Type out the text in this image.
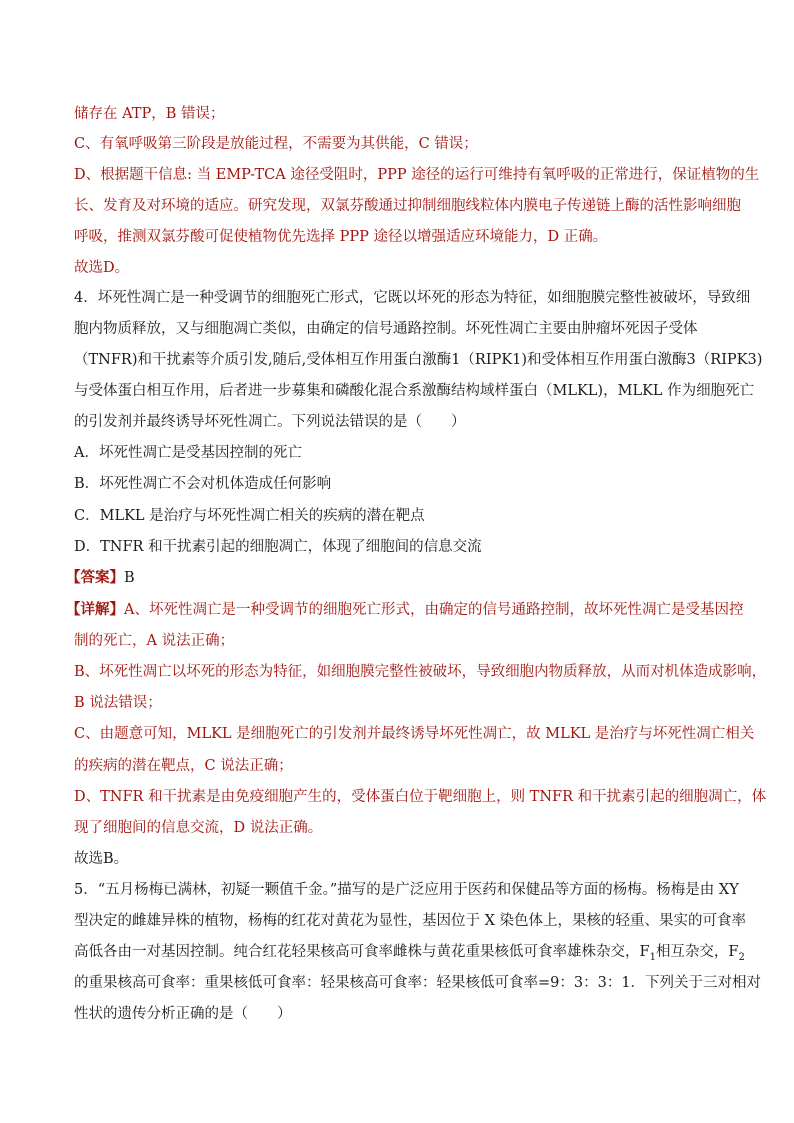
储存在 ATP，B 错误；
C、有氧呼吸第三阶段是放能过程，不需要为其供能，C 错误；
D、根据题干信息: 当 EMP-TCA 途径受阻时，PPP 途径的运行可维持有氧呼吸的正常进行，保证植物的生
长、发育及对环境的适应。研究发现，双氯芬酸通过抑制细胞线粒体内膜电子传递链上酶的活性影响细胞
呼吸，推测双氯芬酸可促使植物优先选择 PPP 途径以增强适应环境能力，D 正确。
故选D。
4．坏死性凋亡是一种受调节的细胞死亡形式，它既以坏死的形态为特征，如细胞膜完整性被破坏，导致细
胞内物质释放，又与细胞凋亡类似，由确定的信号通路控制。坏死性凋亡主要由肿瘤坏死因子受体
（TNFR)和干扰素等介质引发,随后,受体相互作用蛋白激酶1（RIPK1)和受体相互作用蛋白激酶3（RIPK3)
与受体蛋白相互作用，后者进一步募集和磷酸化混合系激酶结构域样蛋白（MLKL)，MLKL 作为细胞死亡
的引发剂并最终诱导坏死性凋亡。下列说法错误的是（　　）
A．坏死性凋亡是受基因控制的死亡
B．坏死性凋亡不会对机体造成任何影响
C．MLKL 是治疗与坏死性凋亡相关的疾病的潜在靶点
D．TNFR 和干扰素引起的细胞凋亡，体现了细胞间的信息交流
【答案】B
【详解】A、坏死性凋亡是一种受调节的细胞死亡形式，由确定的信号通路控制，故坏死性凋亡是受基因控
制的死亡，A 说法正确；
B、坏死性凋亡以坏死的形态为特征，如细胞膜完整性被破坏，导致细胞内物质释放，从而对机体造成影响，
B 说法错误；
C、由题意可知，MLKL 是细胞死亡的引发剂并最终诱导坏死性凋亡，故 MLKL 是治疗与坏死性凋亡相关
的疾病的潜在靶点，C 说法正确；
D、TNFR 和干扰素是由免疫细胞产生的，受体蛋白位于靶细胞上，则 TNFR 和干扰素引起的细胞凋亡，体
现了细胞间的信息交流，D 说法正确。
故选B。
5．“五月杨梅已满林，初疑一颗值千金。”描写的是广泛应用于医药和保健品等方面的杨梅。杨梅是由 XY
型决定的雌雄异株的植物，杨梅的红花对黄花为显性，基因位于 X 染色体上，果核的轻重、果实的可食率
高低各由一对基因控制。纯合红花轻果核高可食率雌株与黄花重果核低可食率雄株杂交，$F_1$相互杂交，$F_2$
的重果核高可食率：重果核低可食率：轻果核高可食率：轻果核低可食率=9：3：3：1．下列关于三对相对
性状的遗传分析正确的是（　　）
